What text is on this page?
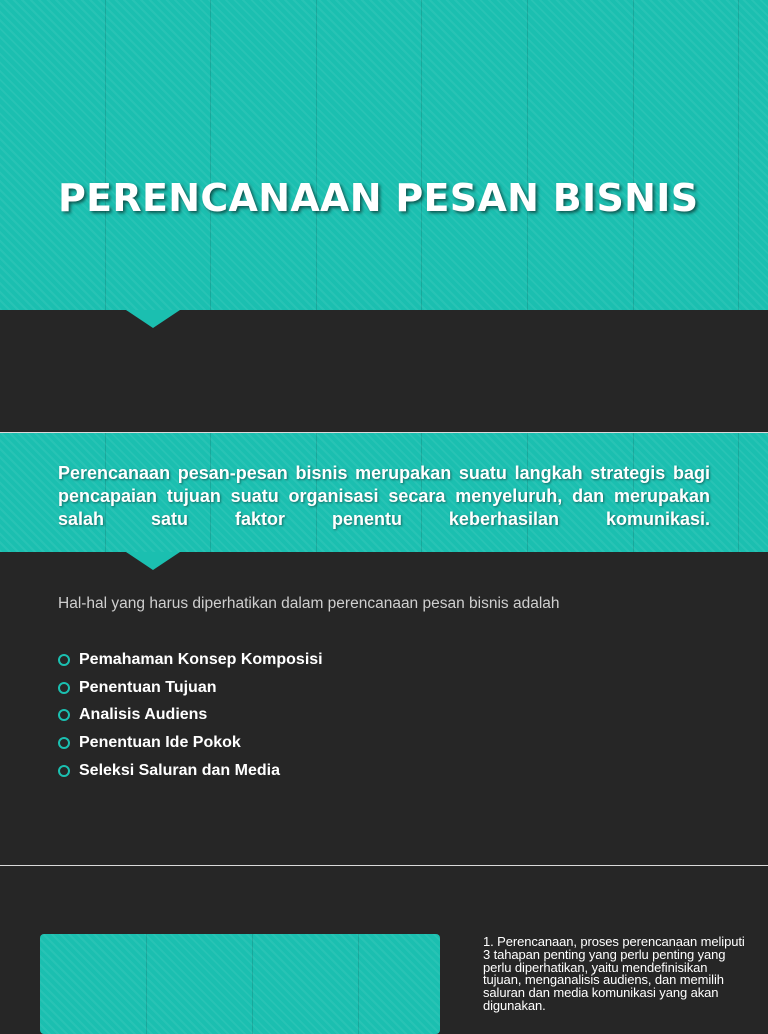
PERENCANAAN PESAN BISNIS

Perencanaan pesan-pesan bisnis merupakan suatu langkah strategis bagi pencapaian tujuan suatu organisasi secara menyeluruh, dan merupakan salah satu faktor penentu keberhasilan komunikasi.

Hal-hal yang harus diperhatikan dalam perencanaan pesan bisnis adalah

Pemahaman Konsep Komposisi
Penentuan Tujuan
Analisis Audiens
Penentuan Ide Pokok
Seleksi Saluran dan Media

1. Perencanaan, proses perencanaan meliputi 3 tahapan penting yang perlu penting yang perlu diperhatikan, yaitu mendefinisikan tujuan, menganalisis audiens, dan memilih saluran dan media komunikasi yang akan digunakan.
